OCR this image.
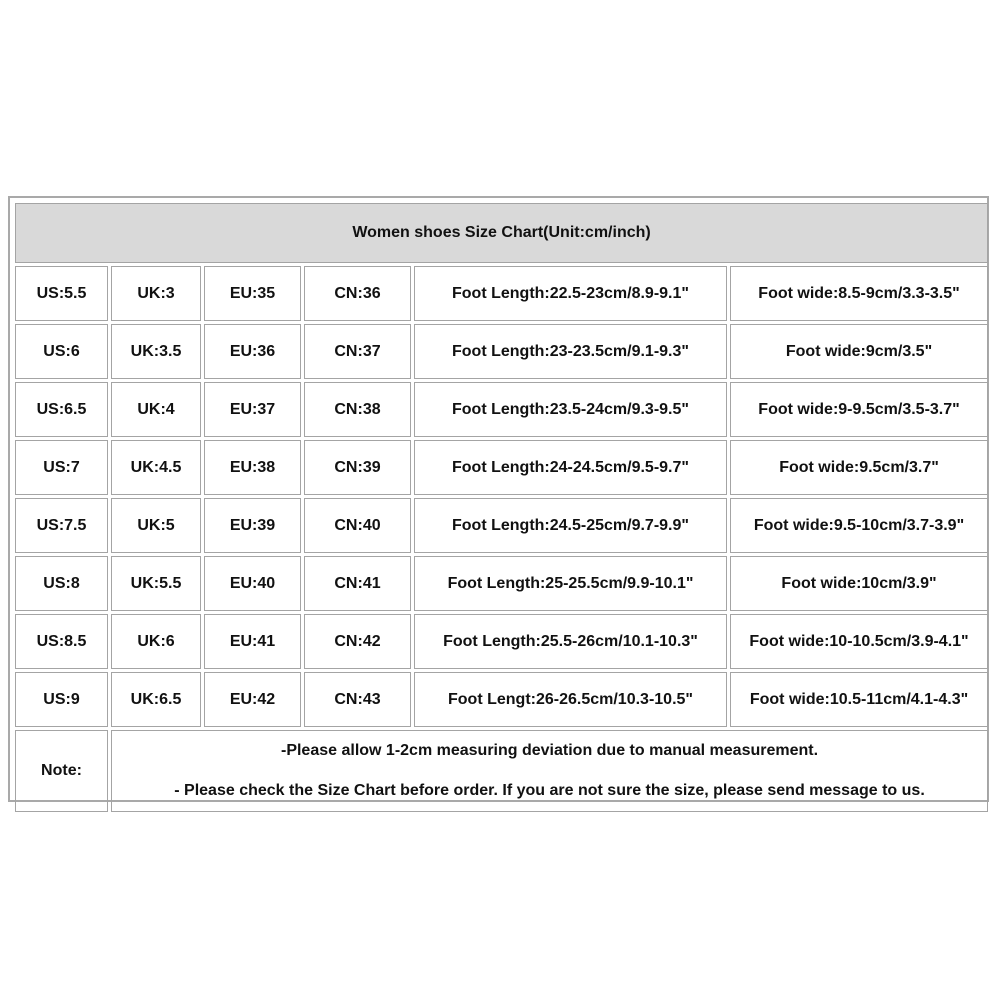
Women shoes Size Chart(Unit:cm/inch)					
US:5.5	UK:3	EU:35	CN:36	Foot Length:22.5-23cm/8.9-9.1"	Foot wide:8.5-9cm/3.3-3.5"
US:6	UK:3.5	EU:36	CN:37	Foot Length:23-23.5cm/9.1-9.3"	Foot wide:9cm/3.5"
US:6.5	UK:4	EU:37	CN:38	Foot Length:23.5-24cm/9.3-9.5"	Foot wide:9-9.5cm/3.5-3.7"
US:7	UK:4.5	EU:38	CN:39	Foot Length:24-24.5cm/9.5-9.7"	Foot wide:9.5cm/3.7"
US:7.5	UK:5	EU:39	CN:40	Foot Length:24.5-25cm/9.7-9.9"	Foot wide:9.5-10cm/3.7-3.9"
US:8	UK:5.5	EU:40	CN:41	Foot Length:25-25.5cm/9.9-10.1"	Foot wide:10cm/3.9"
US:8.5	UK:6	EU:41	CN:42	Foot Length:25.5-26cm/10.1-10.3"	Foot wide:10-10.5cm/3.9-4.1"
US:9	UK:6.5	EU:42	CN:43	Foot Lengt:26-26.5cm/10.3-10.5"	Foot wide:10.5-11cm/4.1-4.3"
Note:	-Please allow 1-2cm measuring deviation due to manual measurement.
- Please check the Size Chart before order. If you are not sure the size, please send message to us.				
